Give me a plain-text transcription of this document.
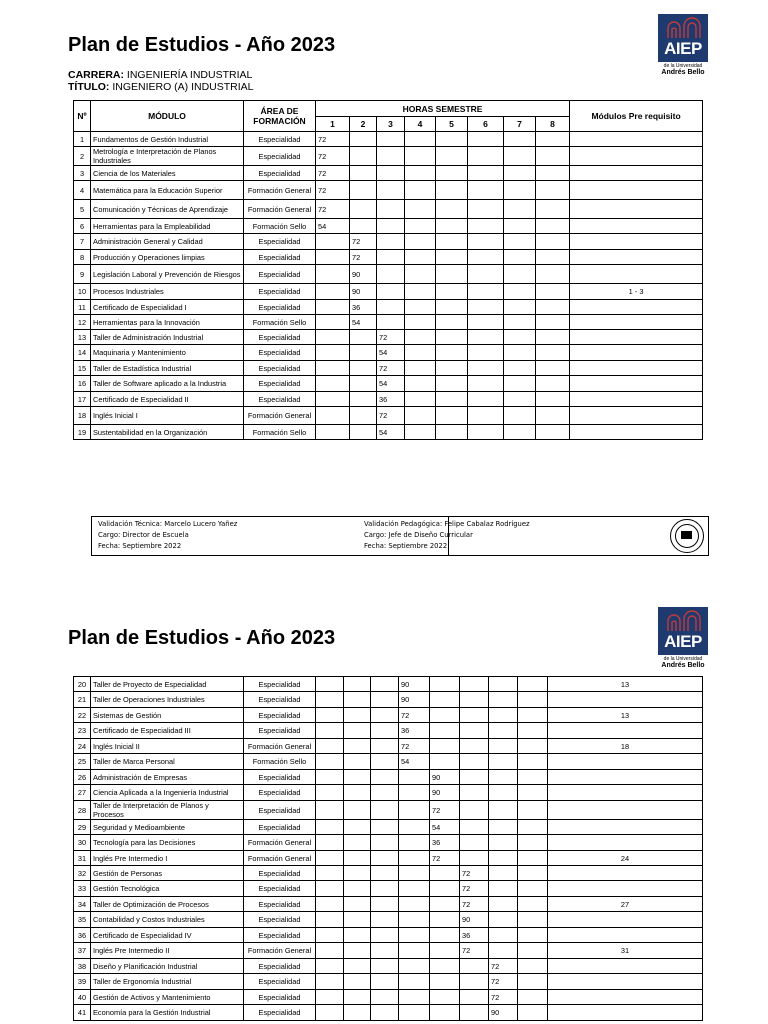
Plan de Estudios - Año 2023	AIEP
de la Universidad
Andrés Bello
CARRERA: INGENIERÍA INDUSTRIAL
TÍTULO: INGENIERO (A) INDUSTRIAL
Nº	MÓDULO	ÁREA DE FORMACIÓN	HORAS SEMESTRE								Módulos Pre requisito
			1	2	3	4	5	6	7	8	
1	Fundamentos de Gestión Industrial	Especialidad	72								
2	Metrología e Interpretación de Planos Industriales	Especialidad	72								
3	Ciencia de los Materiales	Especialidad	72								
4	Matemática para la Educación Superior	Formación General	72								
5	Comunicación y Técnicas de Aprendizaje	Formación General	72								
6	Herramientas para la Empleabilidad	Formación Sello	54								
7	Administración General y Calidad	Especialidad		72							
8	Producción y Operaciones limpias	Especialidad		72							
9	Legislación Laboral y Prevención de Riesgos	Especialidad		90							
10	Procesos Industriales	Especialidad		90							1 - 3
11	Certificado de Especialidad I	Especialidad		36							
12	Herramientas para la Innovación	Formación Sello		54							
13	Taller de Administración Industrial	Especialidad			72						
14	Maquinaria y Mantenimiento	Especialidad			54						
15	Taller de Estadística Industrial	Especialidad			72						
16	Taller de Software aplicado a la Industria	Especialidad			54						
17	Certificado de Especialidad II	Especialidad			36						
18	Inglés Inicial I	Formación General			72						
19	Sustentabilidad en la Organización	Formación Sello			54						
Validación Técnica: Marcelo Lucero Yañez
Cargo: Director de Escuela
Fecha: Septiembre 2022
Validación Pedagógica: Felipe Cabalaz Rodríguez
Cargo: Jefe de Diseño Curricular
Fecha: Septiembre 2022
Plan de Estudios - Año 2023	AIEP
de la Universidad
Andrés Bello
20	Taller de Proyecto de Especialidad	Especialidad				90					13
21	Taller de Operaciones Industriales	Especialidad				90					
22	Sistemas de Gestión	Especialidad				72					13
23	Certificado de Especialidad III	Especialidad				36					
24	Inglés Inicial II	Formación General				72					18
25	Taller de Marca Personal	Formación Sello				54					
26	Administración de Empresas	Especialidad					90				
27	Ciencia Aplicada a la Ingeniería Industrial	Especialidad					90				
28	Taller de Interpretación de Planos y Procesos	Especialidad					72				
29	Seguridad y Medioambiente	Especialidad					54				
30	Tecnología para las Decisiones	Formación General					36				
31	Inglés Pre Intermedio I	Formación General					72				24
32	Gestión de Personas	Especialidad						72			
33	Gestión Tecnológica	Especialidad						72			
34	Taller de Optimización de Procesos	Especialidad						72			27
35	Contabilidad y Costos Industriales	Especialidad						90			
36	Certificado de Especialidad IV	Especialidad						36			
37	Inglés Pre Intermedio II	Formación General						72			31
38	Diseño y Planificación Industrial	Especialidad							72		
39	Taller de Ergonomía Industrial	Especialidad							72		
40	Gestión de Activos y Mantenimiento	Especialidad							72		
41	Economía para la Gestión Industrial	Especialidad							90		
